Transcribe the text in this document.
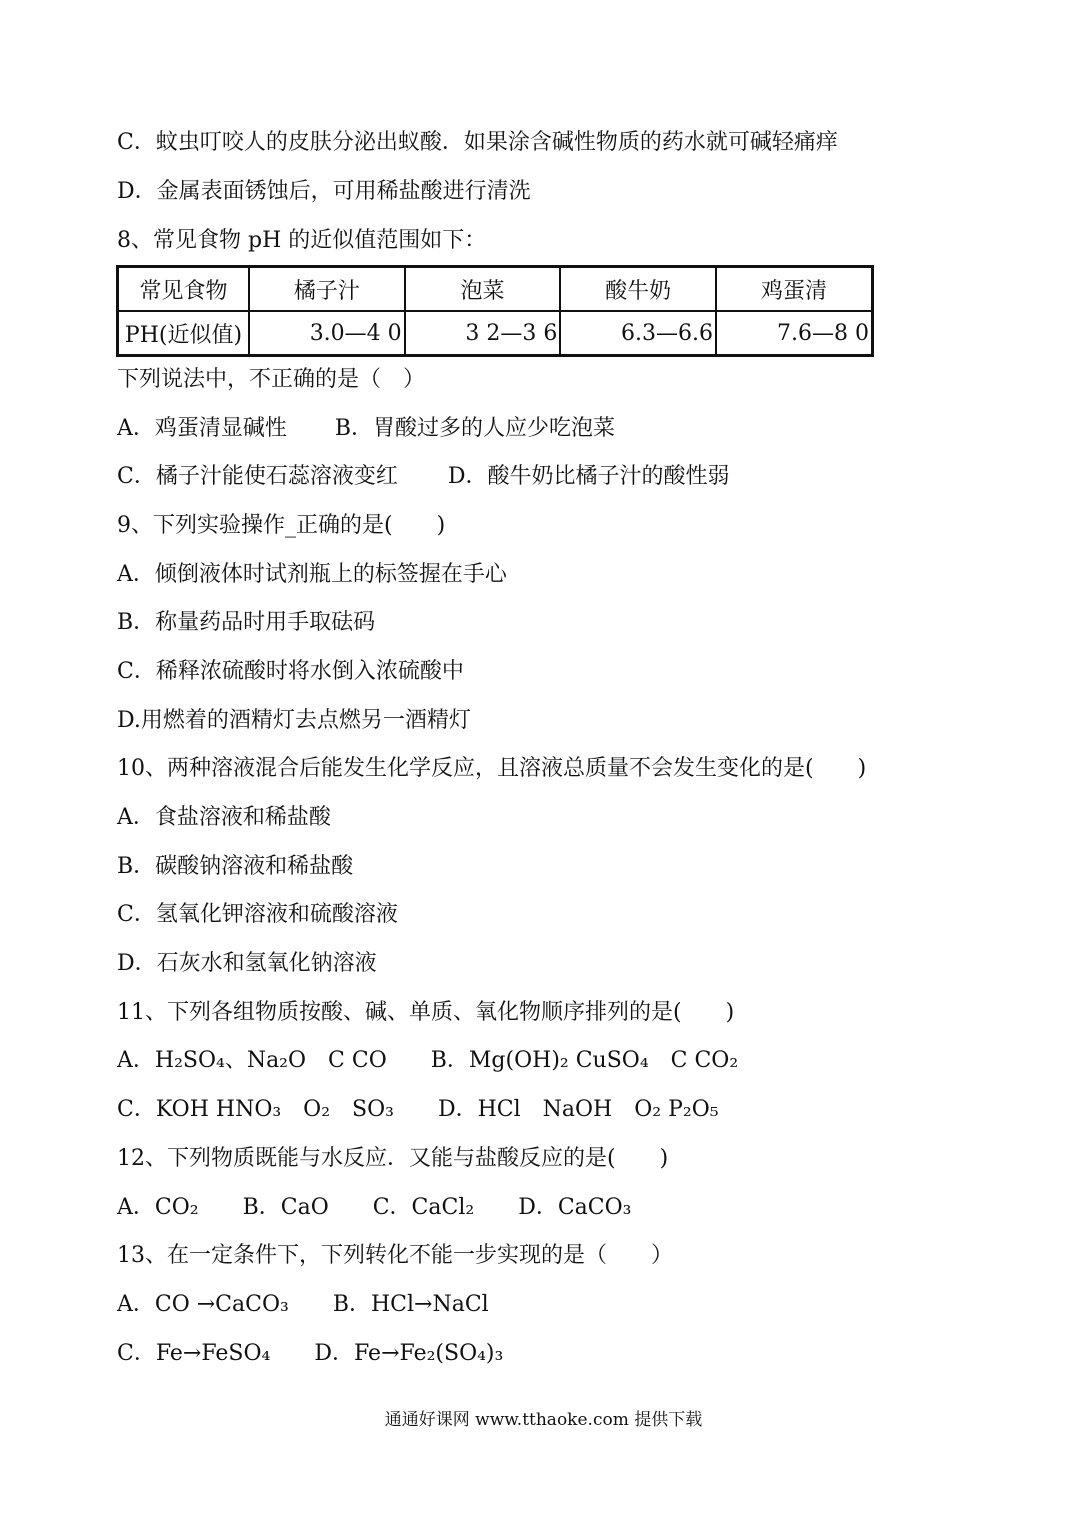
C．蚊虫叮咬人的皮肤分泌出蚁酸．如果涂含碱性物质的药水就可碱轻痛痒
D．金属表面锈蚀后，可用稀盐酸进行清洗
8、常见食物 pH 的近似值范围如下：
常见食物	橘子汁	泡菜	酸牛奶	鸡蛋清
PH(近似值)	3.0—4 0	3 2—3 6	6.3—6.6	7.6—8 0
下列说法中，不正确的是（　）
A．鸡蛋清显碱性 B．胃酸过多的人应少吃泡菜
C．橘子汁能使石蕊溶液变红 D．酸牛奶比橘子汁的酸性弱
9、下列实验操作_正确的是(　　)
A．倾倒液体时试剂瓶上的标签握在手心
B．称量药品时用手取砝码
C．稀释浓硫酸时将水倒入浓硫酸中
D.用燃着的酒精灯去点燃另一酒精灯
10、两种溶液混合后能发生化学反应，且溶液总质量不会发生变化的是(　　)
A．食盐溶液和稀盐酸
B．碳酸钠溶液和稀盐酸
C．氢氧化钾溶液和硫酸溶液
D．石灰水和氢氧化钠溶液
11、下列各组物质按酸、碱、单质、氧化物顺序排列的是(　　)
A．H₂SO₄、Na₂O　C CO　　B．Mg(OH)₂ CuSO₄　C CO₂
C．KOH HNO₃　O₂　SO₃　　D．HCl　NaOH　O₂ P₂O₅
12、下列物质既能与水反应．又能与盐酸反应的是(　　)
A．CO₂　　B．CaO　　C．CaCl₂　　D．CaCO₃
13、在一定条件下，下列转化不能一步实现的是（　　）
A．CO →CaCO₃　　B．HCl→NaCl
C．Fe→FeSO₄　　D．Fe→Fe₂(SO₄)₃
通通好课网 www.tthaoke.com 提供下载
